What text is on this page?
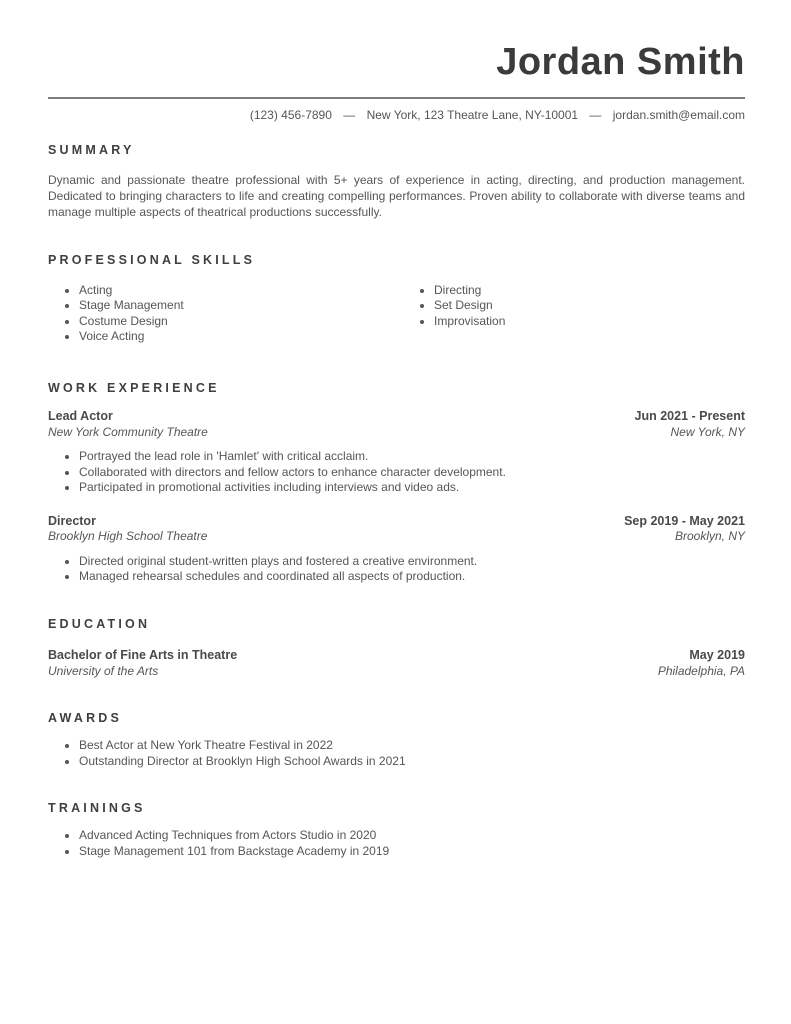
Jordan Smith
(123) 456-7890 — New York, 123 Theatre Lane, NY-10001 — jordan.smith@email.com
SUMMARY

Dynamic and passionate theatre professional with 5+ years of experience in acting, directing, and production management. Dedicated to bringing characters to life and creating compelling performances. Proven ability to collaborate with diverse teams and manage multiple aspects of theatrical productions successfully.

PROFESSIONAL SKILLS
• Acting
• Stage Management
• Costume Design
• Voice Acting
• Directing
• Set Design
• Improvisation
WORK EXPERIENCE
Lead Actor	Jun 2021 - Present
New York Community Theatre	New York, NY
• Portrayed the lead role in 'Hamlet' with critical acclaim.
• Collaborated with directors and fellow actors to enhance character development.
• Participated in promotional activities including interviews and video ads.
Director	Sep 2019 - May 2021
Brooklyn High School Theatre	Brooklyn, NY
• Directed original student-written plays and fostered a creative environment.
• Managed rehearsal schedules and coordinated all aspects of production.
EDUCATION
Bachelor of Fine Arts in Theatre	May 2019
University of the Arts	Philadelphia, PA
AWARDS
• Best Actor at New York Theatre Festival in 2022
• Outstanding Director at Brooklyn High School Awards in 2021
TRAININGS
• Advanced Acting Techniques from Actors Studio in 2020
• Stage Management 101 from Backstage Academy in 2019
